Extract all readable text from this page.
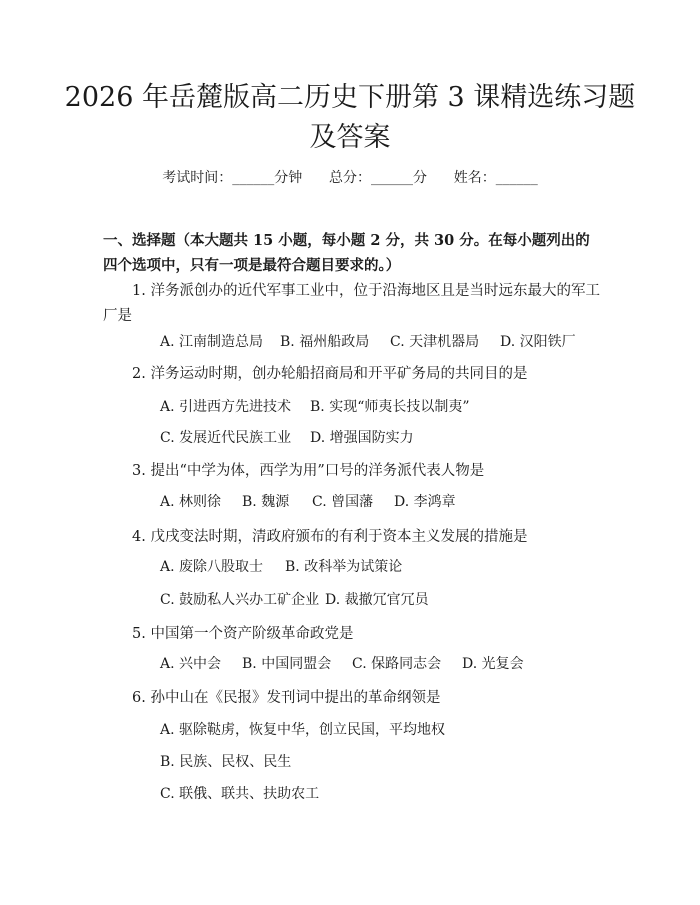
2026 年岳麓版高二历史下册第 3 课精选练习题及答案
考试时间：______分钟 总分：______分 姓名：______

一、选择题（本大题共 15 小题，每小题 2 分，共 30 分。在每小题列出的四个选项中，只有一项是最符合题目要求的。）

1. 洋务派创办的近代军事工业中，位于沿海地区且是当时远东最大的军工厂是
A. 江南制造总局 B. 福州船政局 C. 天津机器局 D. 汉阳铁厂
2. 洋务运动时期，创办轮船招商局和开平矿务局的共同目的是
A. 引进西方先进技术 B. 实现“师夷长技以制夷”
C. 发展近代民族工业 D. 增强国防实力
3. 提出“中学为体，西学为用”口号的洋务派代表人物是
A. 林则徐 B. 魏源 C. 曾国藩 D. 李鸿章
4. 戊戌变法时期，清政府颁布的有利于资本主义发展的措施是
A. 废除八股取士 B. 改科举为试策论
C. 鼓励私人兴办工矿企业 D. 裁撤冗官冗员
5. 中国第一个资产阶级革命政党是
A. 兴中会 B. 中国同盟会 C. 保路同志会 D. 光复会
6. 孙中山在《民报》发刊词中提出的革命纲领是
A. 驱除鞑虏，恢复中华，创立民国，平均地权
B. 民族、民权、民生
C. 联俄、联共、扶助农工
